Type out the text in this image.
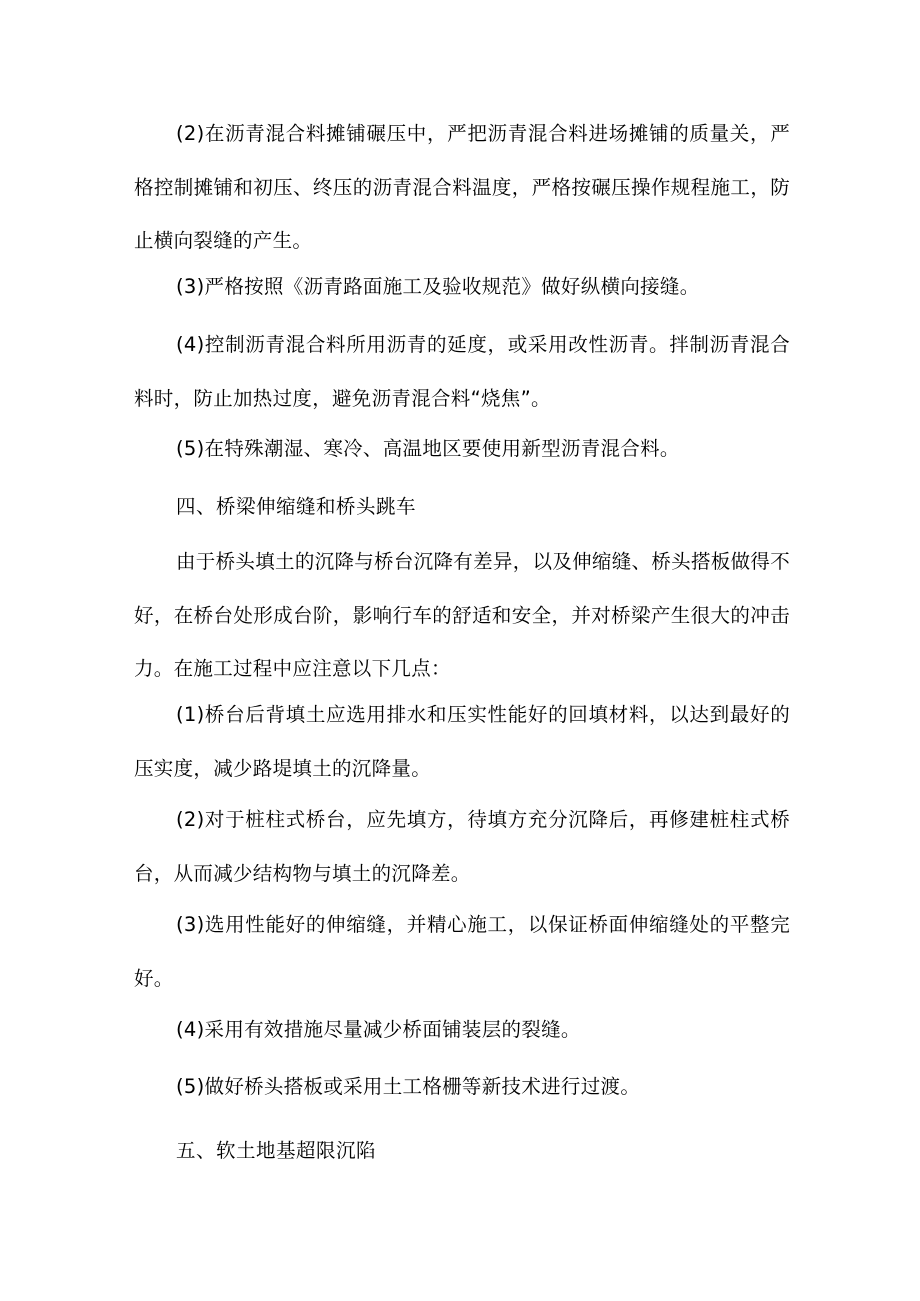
(2)在沥青混合料摊铺碾压中，严把沥青混合料进场摊铺的质量关，严格控制摊铺和初压、终压的沥青混合料温度，严格按碾压操作规程施工，防止横向裂缝的产生。

(3)严格按照《沥青路面施工及验收规范》做好纵横向接缝。

(4)控制沥青混合料所用沥青的延度，或采用改性沥青。拌制沥青混合料时，防止加热过度，避免沥青混合料“烧焦”。

(5)在特殊潮湿、寒冷、高温地区要使用新型沥青混合料。

四、桥梁伸缩缝和桥头跳车

由于桥头填土的沉降与桥台沉降有差异，以及伸缩缝、桥头搭板做得不好，在桥台处形成台阶，影响行车的舒适和安全，并对桥梁产生很大的冲击力。在施工过程中应注意以下几点：

(1)桥台后背填土应选用排水和压实性能好的回填材料，以达到最好的压实度，减少路堤填土的沉降量。

(2)对于桩柱式桥台，应先填方，待填方充分沉降后，再修建桩柱式桥台，从而减少结构物与填土的沉降差。

(3)选用性能好的伸缩缝，并精心施工，以保证桥面伸缩缝处的平整完好。

(4)采用有效措施尽量减少桥面铺装层的裂缝。

(5)做好桥头搭板或采用土工格栅等新技术进行过渡。

五、软土地基超限沉陷
